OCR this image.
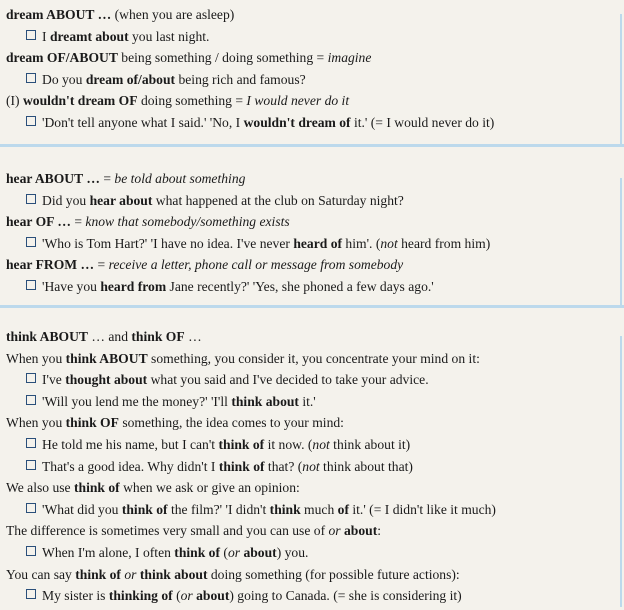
dream ABOUT … (when you are asleep)
I dreamt about you last night.
dream OF/ABOUT being something / doing something = imagine
Do you dream of/about being rich and famous?
(I) wouldn't dream OF doing something = I would never do it
'Don't tell anyone what I said.' 'No, I wouldn't dream of it.' (= I would never do it)
hear ABOUT … = be told about something
Did you hear about what happened at the club on Saturday night?
hear OF … = know that somebody/something exists
'Who is Tom Hart?' 'I have no idea. I've never heard of him'. (not heard from him)
hear FROM … = receive a letter, phone call or message from somebody
'Have you heard from Jane recently?' 'Yes, she phoned a few days ago.'
think ABOUT … and think OF …
When you think ABOUT something, you consider it, you concentrate your mind on it:
I've thought about what you said and I've decided to take your advice.
'Will you lend me the money?' 'I'll think about it.'
When you think OF something, the idea comes to your mind:
He told me his name, but I can't think of it now. (not think about it)
That's a good idea. Why didn't I think of that? (not think about that)
We also use think of when we ask or give an opinion:
'What did you think of the film?' 'I didn't think much of it.' (= I didn't like it much)
The difference is sometimes very small and you can use of or about:
When I'm alone, I often think of (or about) you.
You can say think of or think about doing something (for possible future actions):
My sister is thinking of (or about) going to Canada. (= she is considering it)
